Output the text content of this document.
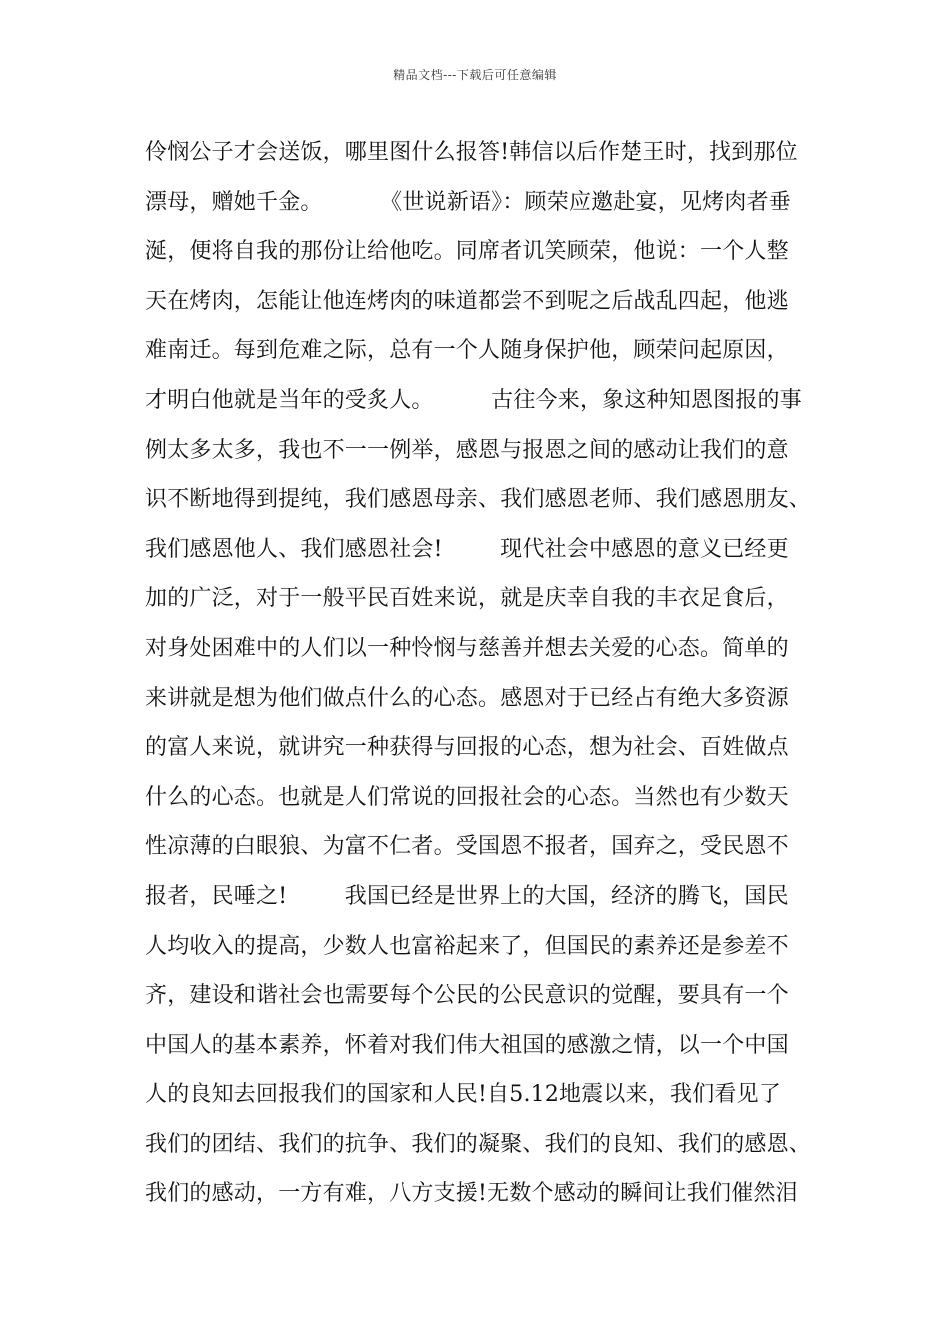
精品文档---下载后可任意编辑
伶悯公子才会送饭，哪里图什么报答!韩信以后作楚王时，找到那位
漂母，赠她千金。        《世说新语》：顾荣应邀赴宴，见烤肉者垂
涎，便将自我的那份让给他吃。同席者讥笑顾荣，他说：一个人整
天在烤肉，怎能让他连烤肉的味道都尝不到呢之后战乱四起，他逃
难南迁。每到危难之际，总有一个人随身保护他，顾荣问起原因，
才明白他就是当年的受炙人。        古往今来，象这种知恩图报的事
例太多太多，我也不一一例举，感恩与报恩之间的感动让我们的意
识不断地得到提纯，我们感恩母亲、我们感恩老师、我们感恩朋友、
我们感恩他人、我们感恩社会!        现代社会中感恩的意义已经更
加的广泛，对于一般平民百姓来说，就是庆幸自我的丰衣足食后，
对身处困难中的人们以一种怜悯与慈善并想去关爱的心态。简单的
来讲就是想为他们做点什么的心态。感恩对于已经占有绝大多资源
的富人来说，就讲究一种获得与回报的心态，想为社会、百姓做点
什么的心态。也就是人们常说的回报社会的心态。当然也有少数天
性凉薄的白眼狼、为富不仁者。受国恩不报者，国弃之，受民恩不
报者，民唾之!        我国已经是世界上的大国，经济的腾飞，国民
人均收入的提高，少数人也富裕起来了，但国民的素养还是参差不
齐，建设和谐社会也需要每个公民的公民意识的觉醒，要具有一个
中国人的基本素养，怀着对我们伟大祖国的感激之情，以一个中国
人的良知去回报我们的国家和人民!自5.12地震以来，我们看见了
我们的团结、我们的抗争、我们的凝聚、我们的良知、我们的感恩、
我们的感动，一方有难，八方支援!无数个感动的瞬间让我们催然泪
